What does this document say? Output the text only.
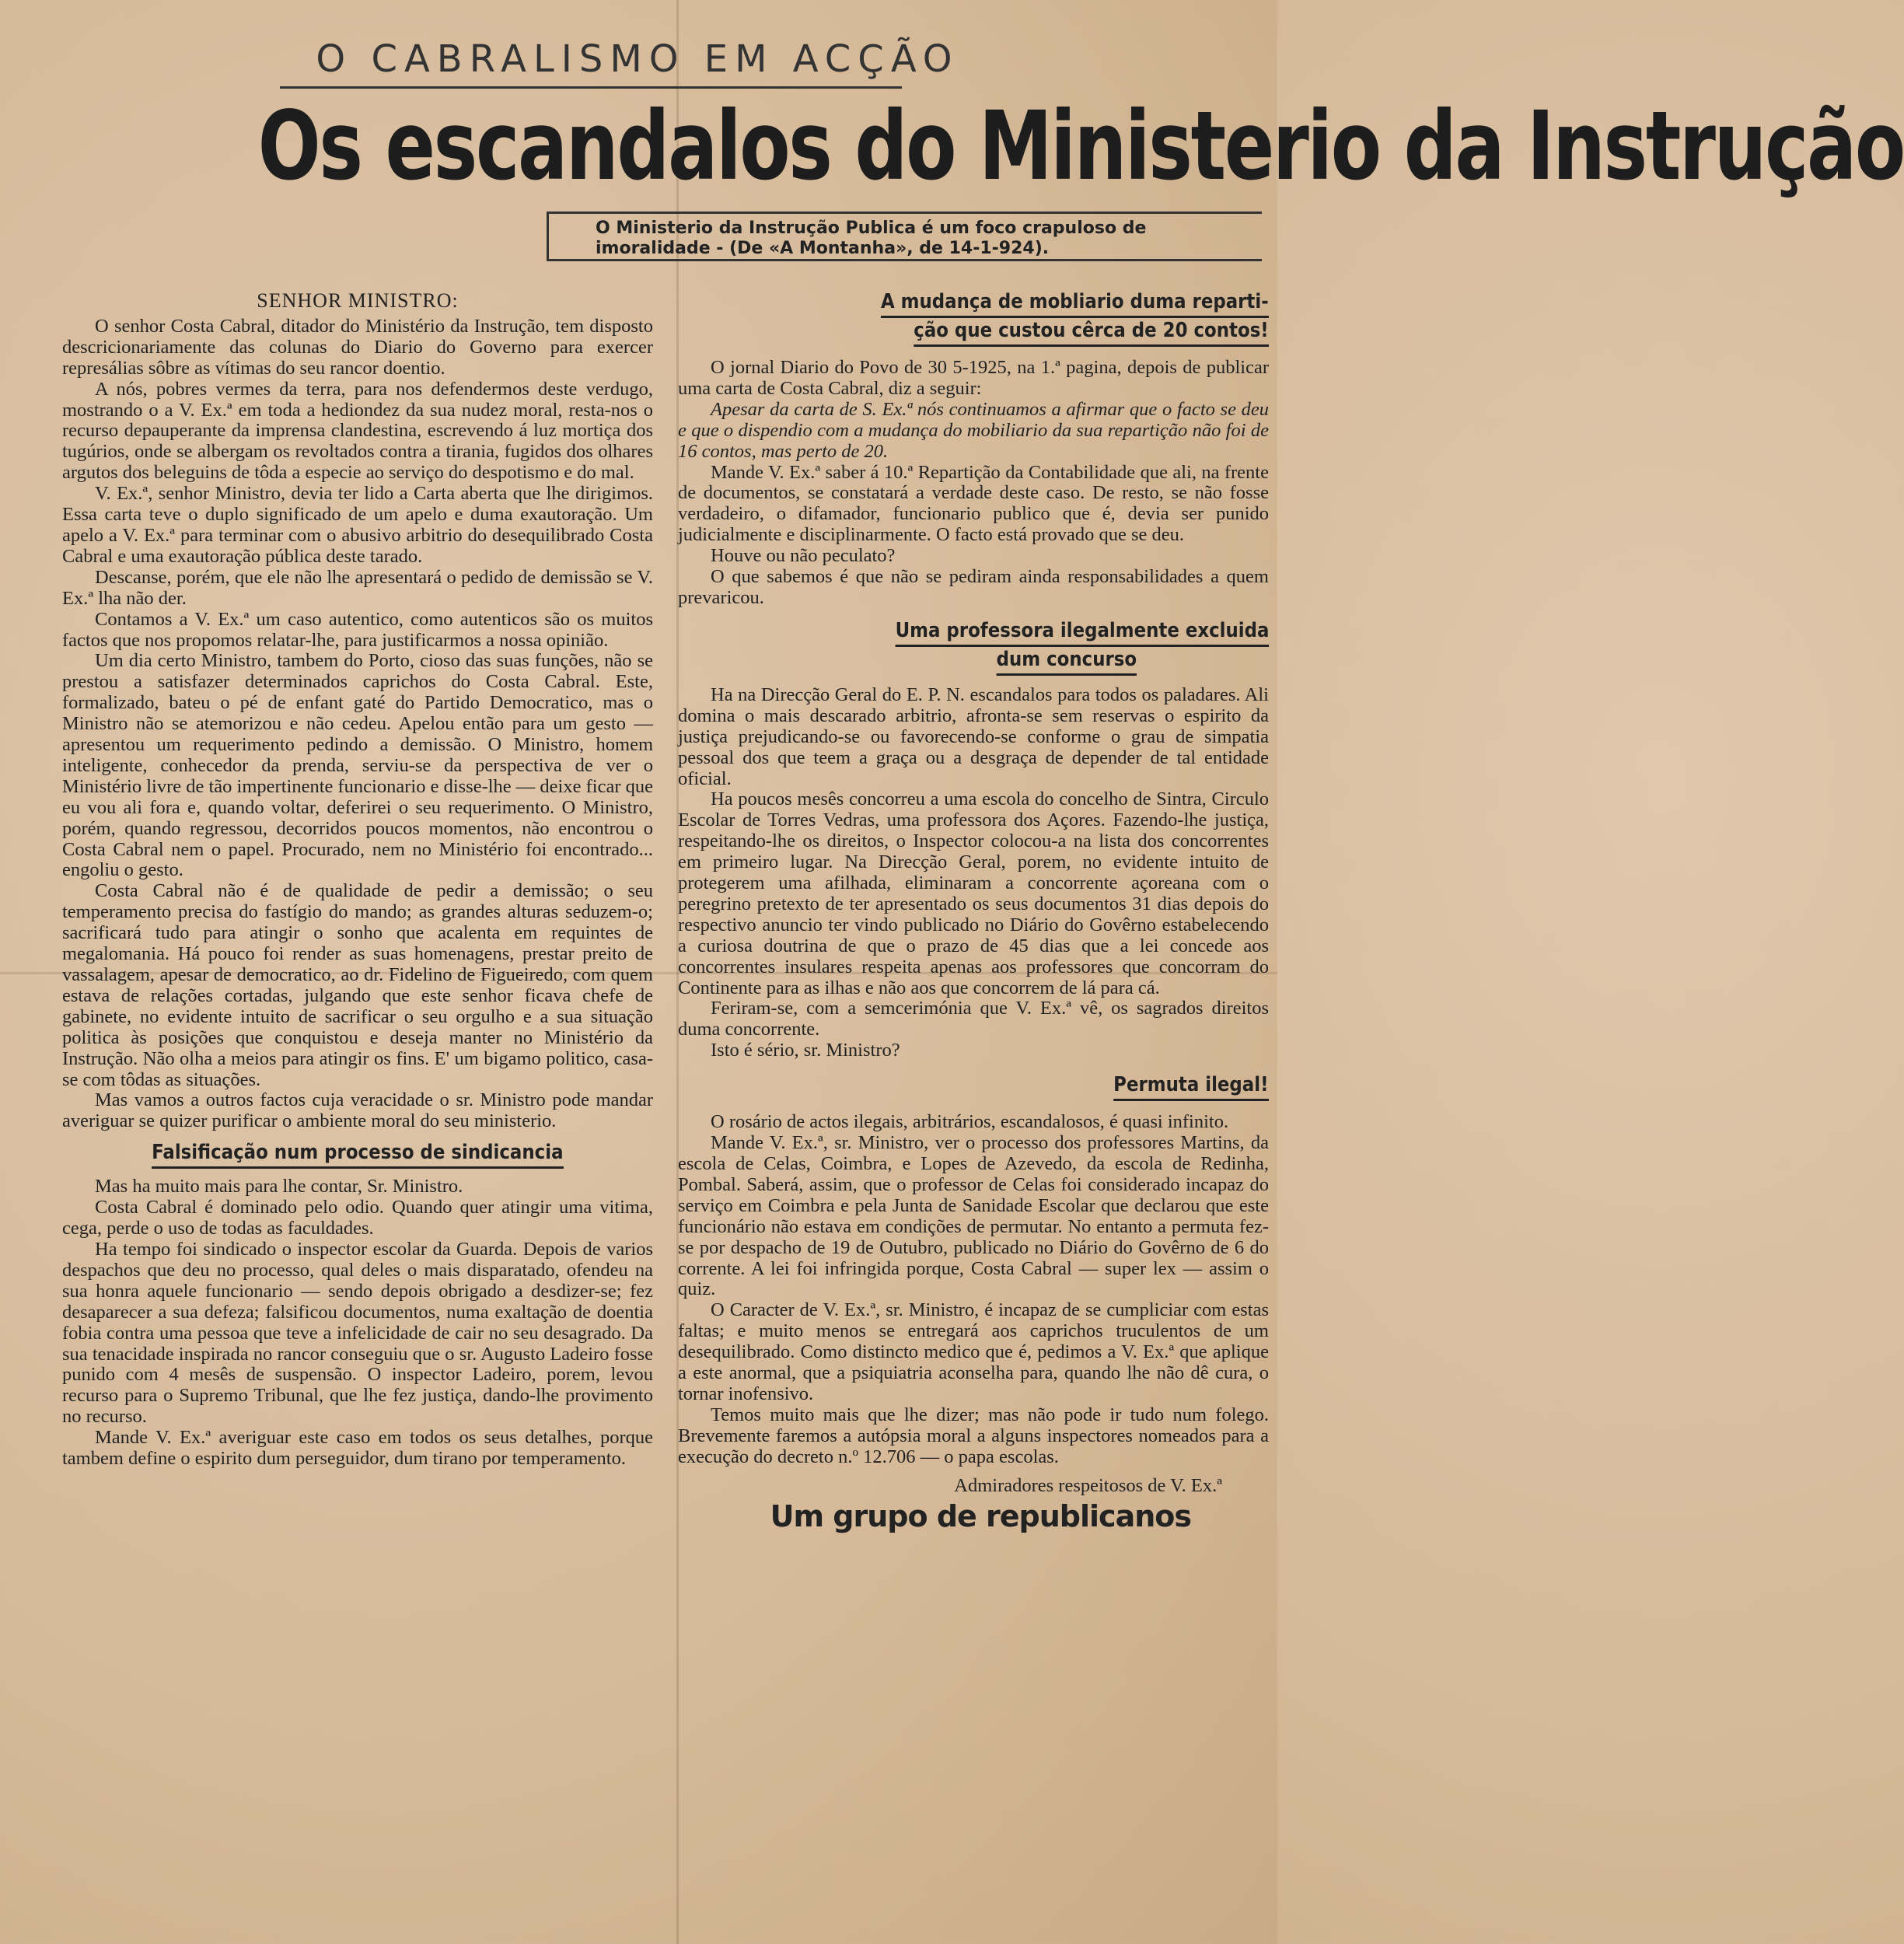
O CABRALISMO EM ACÇÃO
Os escandalos do Ministerio da Instrução
O Ministerio da Instrução Publica é um foco crapuloso de imoralidade - (De «A Montanha», de 14-1-924).

SENHOR MINISTRO:

O senhor Costa Cabral, ditador do Ministério da Instrução, tem disposto descricionariamente das colunas do Diario do Governo para exercer represálias sôbre as vítimas do seu rancor doentio.

A nós, pobres vermes da terra, para nos defendermos deste verdugo, mostrando o a V. Ex.ª em toda a hediondez da sua nudez moral, resta-nos o recurso depauperante da imprensa clandestina, escrevendo á luz mortiça dos tugúrios, onde se albergam os revoltados contra a tirania, fugidos dos olhares argutos dos beleguins de tôda a especie ao serviço do despotismo e do mal.

V. Ex.ª, senhor Ministro, devia ter lido a Carta aberta que lhe dirigimos. Essa carta teve o duplo significado de um apelo e duma exautoração. Um apelo a V. Ex.ª para terminar com o abusivo arbitrio do desequilibrado Costa Cabral e uma exautoração pública deste tarado.

Descanse, porém, que ele não lhe apresentará o pedido de demissão se V. Ex.ª lha não der.

Contamos a V. Ex.ª um caso autentico, como autenticos são os muitos factos que nos propomos relatar-lhe, para justificarmos a nossa opinião.

Um dia certo Ministro, tambem do Porto, cioso das suas funções, não se prestou a satisfazer determinados caprichos do Costa Cabral. Este, formalizado, bateu o pé de enfant gaté do Partido Democratico, mas o Ministro não se atemorizou e não cedeu. Apelou então para um gesto — apresentou um requerimento pedindo a demissão. O Ministro, homem inteligente, conhecedor da prenda, serviu-se da perspectiva de ver o Ministério livre de tão impertinente funcionario e disse-lhe — deixe ficar que eu vou ali fora e, quando voltar, deferirei o seu requerimento. O Ministro, porém, quando regressou, decorridos poucos momentos, não encontrou o Costa Cabral nem o papel. Procurado, nem no Ministério foi encontrado... engoliu o gesto.

Costa Cabral não é de qualidade de pedir a demissão; o seu temperamento precisa do fastígio do mando; as grandes alturas seduzem-o; sacrificará tudo para atingir o sonho que acalenta em requintes de megalomania. Há pouco foi render as suas homenagens, prestar preito de vassalagem, apesar de democratico, ao dr. Fidelino de Figueiredo, com quem estava de relações cortadas, julgando que este senhor ficava chefe de gabinete, no evidente intuito de sacrificar o seu orgulho e a sua situação politica às posições que conquistou e deseja manter no Ministério da Instrução. Não olha a meios para atingir os fins. E' um bigamo politico, casa-se com tôdas as situações.

Mas vamos a outros factos cuja veracidade o sr. Ministro pode mandar averiguar se quizer purificar o ambiente moral do seu ministerio.

Falsificação num processo de sindicancia

Mas ha muito mais para lhe contar, Sr. Ministro.

Costa Cabral é dominado pelo odio. Quando quer atingir uma vitima, cega, perde o uso de todas as faculdades.

Ha tempo foi sindicado o inspector escolar da Guarda. Depois de varios despachos que deu no processo, qual deles o mais disparatado, ofendeu na sua honra aquele funcionario — sendo depois obrigado a desdizer-se; fez desaparecer a sua defeza; falsificou documentos, numa exaltação de doentia fobia contra uma pessoa que teve a infelicidade de cair no seu desagrado. Da sua tenacidade inspirada no rancor conseguiu que o sr. Augusto Ladeiro fosse punido com 4 mesês de suspensão. O inspector Ladeiro, porem, levou recurso para o Supremo Tribunal, que lhe fez justiça, dando-lhe provimento no recurso.

Mande V. Ex.ª averiguar este caso em todos os seus detalhes, porque tambem define o espirito dum perseguidor, dum tirano por temperamento.

A mudança de mobliario duma reparti-
ção que custou cêrca de 20 contos!

O jornal Diario do Povo de 30 5-1925, na 1.ª pagina, depois de publicar uma carta de Costa Cabral, diz a seguir:

Apesar da carta de S. Ex.ª nós continuamos a afirmar que o facto se deu e que o dispendio com a mudança do mobiliario da sua repartição não foi de 16 contos, mas perto de 20.

Mande V. Ex.ª saber á 10.ª Repartição da Contabilidade que ali, na frente de documentos, se constatará a verdade deste caso. De resto, se não fosse verdadeiro, o difamador, funcionario publico que é, devia ser punido judicialmente e disciplinarmente. O facto está provado que se deu.

Houve ou não peculato?

O que sabemos é que não se pediram ainda responsabilidades a quem prevaricou.

Uma professora ilegalmente excluida
dum concurso

Ha na Direcção Geral do E. P. N. escandalos para todos os paladares. Ali domina o mais descarado arbitrio, afronta-se sem reservas o espirito da justiça prejudicando-se ou favorecendo-se conforme o grau de simpatia pessoal dos que teem a graça ou a desgraça de depender de tal entidade oficial.

Ha poucos mesês concorreu a uma escola do concelho de Sintra, Circulo Escolar de Torres Vedras, uma professora dos Açores. Fazendo-lhe justiça, respeitando-lhe os direitos, o Inspector colocou-a na lista dos concorrentes em primeiro lugar. Na Direcção Geral, porem, no evidente intuito de protegerem uma afilhada, eliminaram a concorrente açoreana com o peregrino pretexto de ter apresentado os seus documentos 31 dias depois do respectivo anuncio ter vindo publicado no Diário do Govêrno estabelecendo a curiosa doutrina de que o prazo de 45 dias que a lei concede aos concorrentes insulares respeita apenas aos professores que concorram do Continente para as ilhas e não aos que concorrem de lá para cá.

Feriram-se, com a semcerimónia que V. Ex.ª vê, os sagrados direitos duma concorrente.

Isto é sério, sr. Ministro?

Permuta ilegal!

O rosário de actos ilegais, arbitrários, escandalosos, é quasi infinito.

Mande V. Ex.ª, sr. Ministro, ver o processo dos professores Martins, da escola de Celas, Coimbra, e Lopes de Azevedo, da escola de Redinha, Pombal. Saberá, assim, que o professor de Celas foi considerado incapaz do serviço em Coimbra e pela Junta de Sanidade Escolar que declarou que este funcionário não estava em condições de permutar. No entanto a permuta fez-se por despacho de 19 de Outubro, publicado no Diário do Govêrno de 6 do corrente. A lei foi infringida porque, Costa Cabral — super lex — assim o quiz.

O Caracter de V. Ex.ª, sr. Ministro, é incapaz de se cumpliciar com estas faltas; e muito menos se entregará aos caprichos truculentos de um desequilibrado. Como distincto medico que é, pedimos a V. Ex.ª que aplique a este anormal, que a psiquiatria aconselha para, quando lhe não dê cura, o tornar inofensivo.

Temos muito mais que lhe dizer; mas não pode ir tudo num folego. Brevemente faremos a autópsia moral a alguns inspectores nomeados para a execução do decreto n.º 12.706 — o papa escolas.

Admiradores respeitosos de V. Ex.ª

Um grupo de republicanos
